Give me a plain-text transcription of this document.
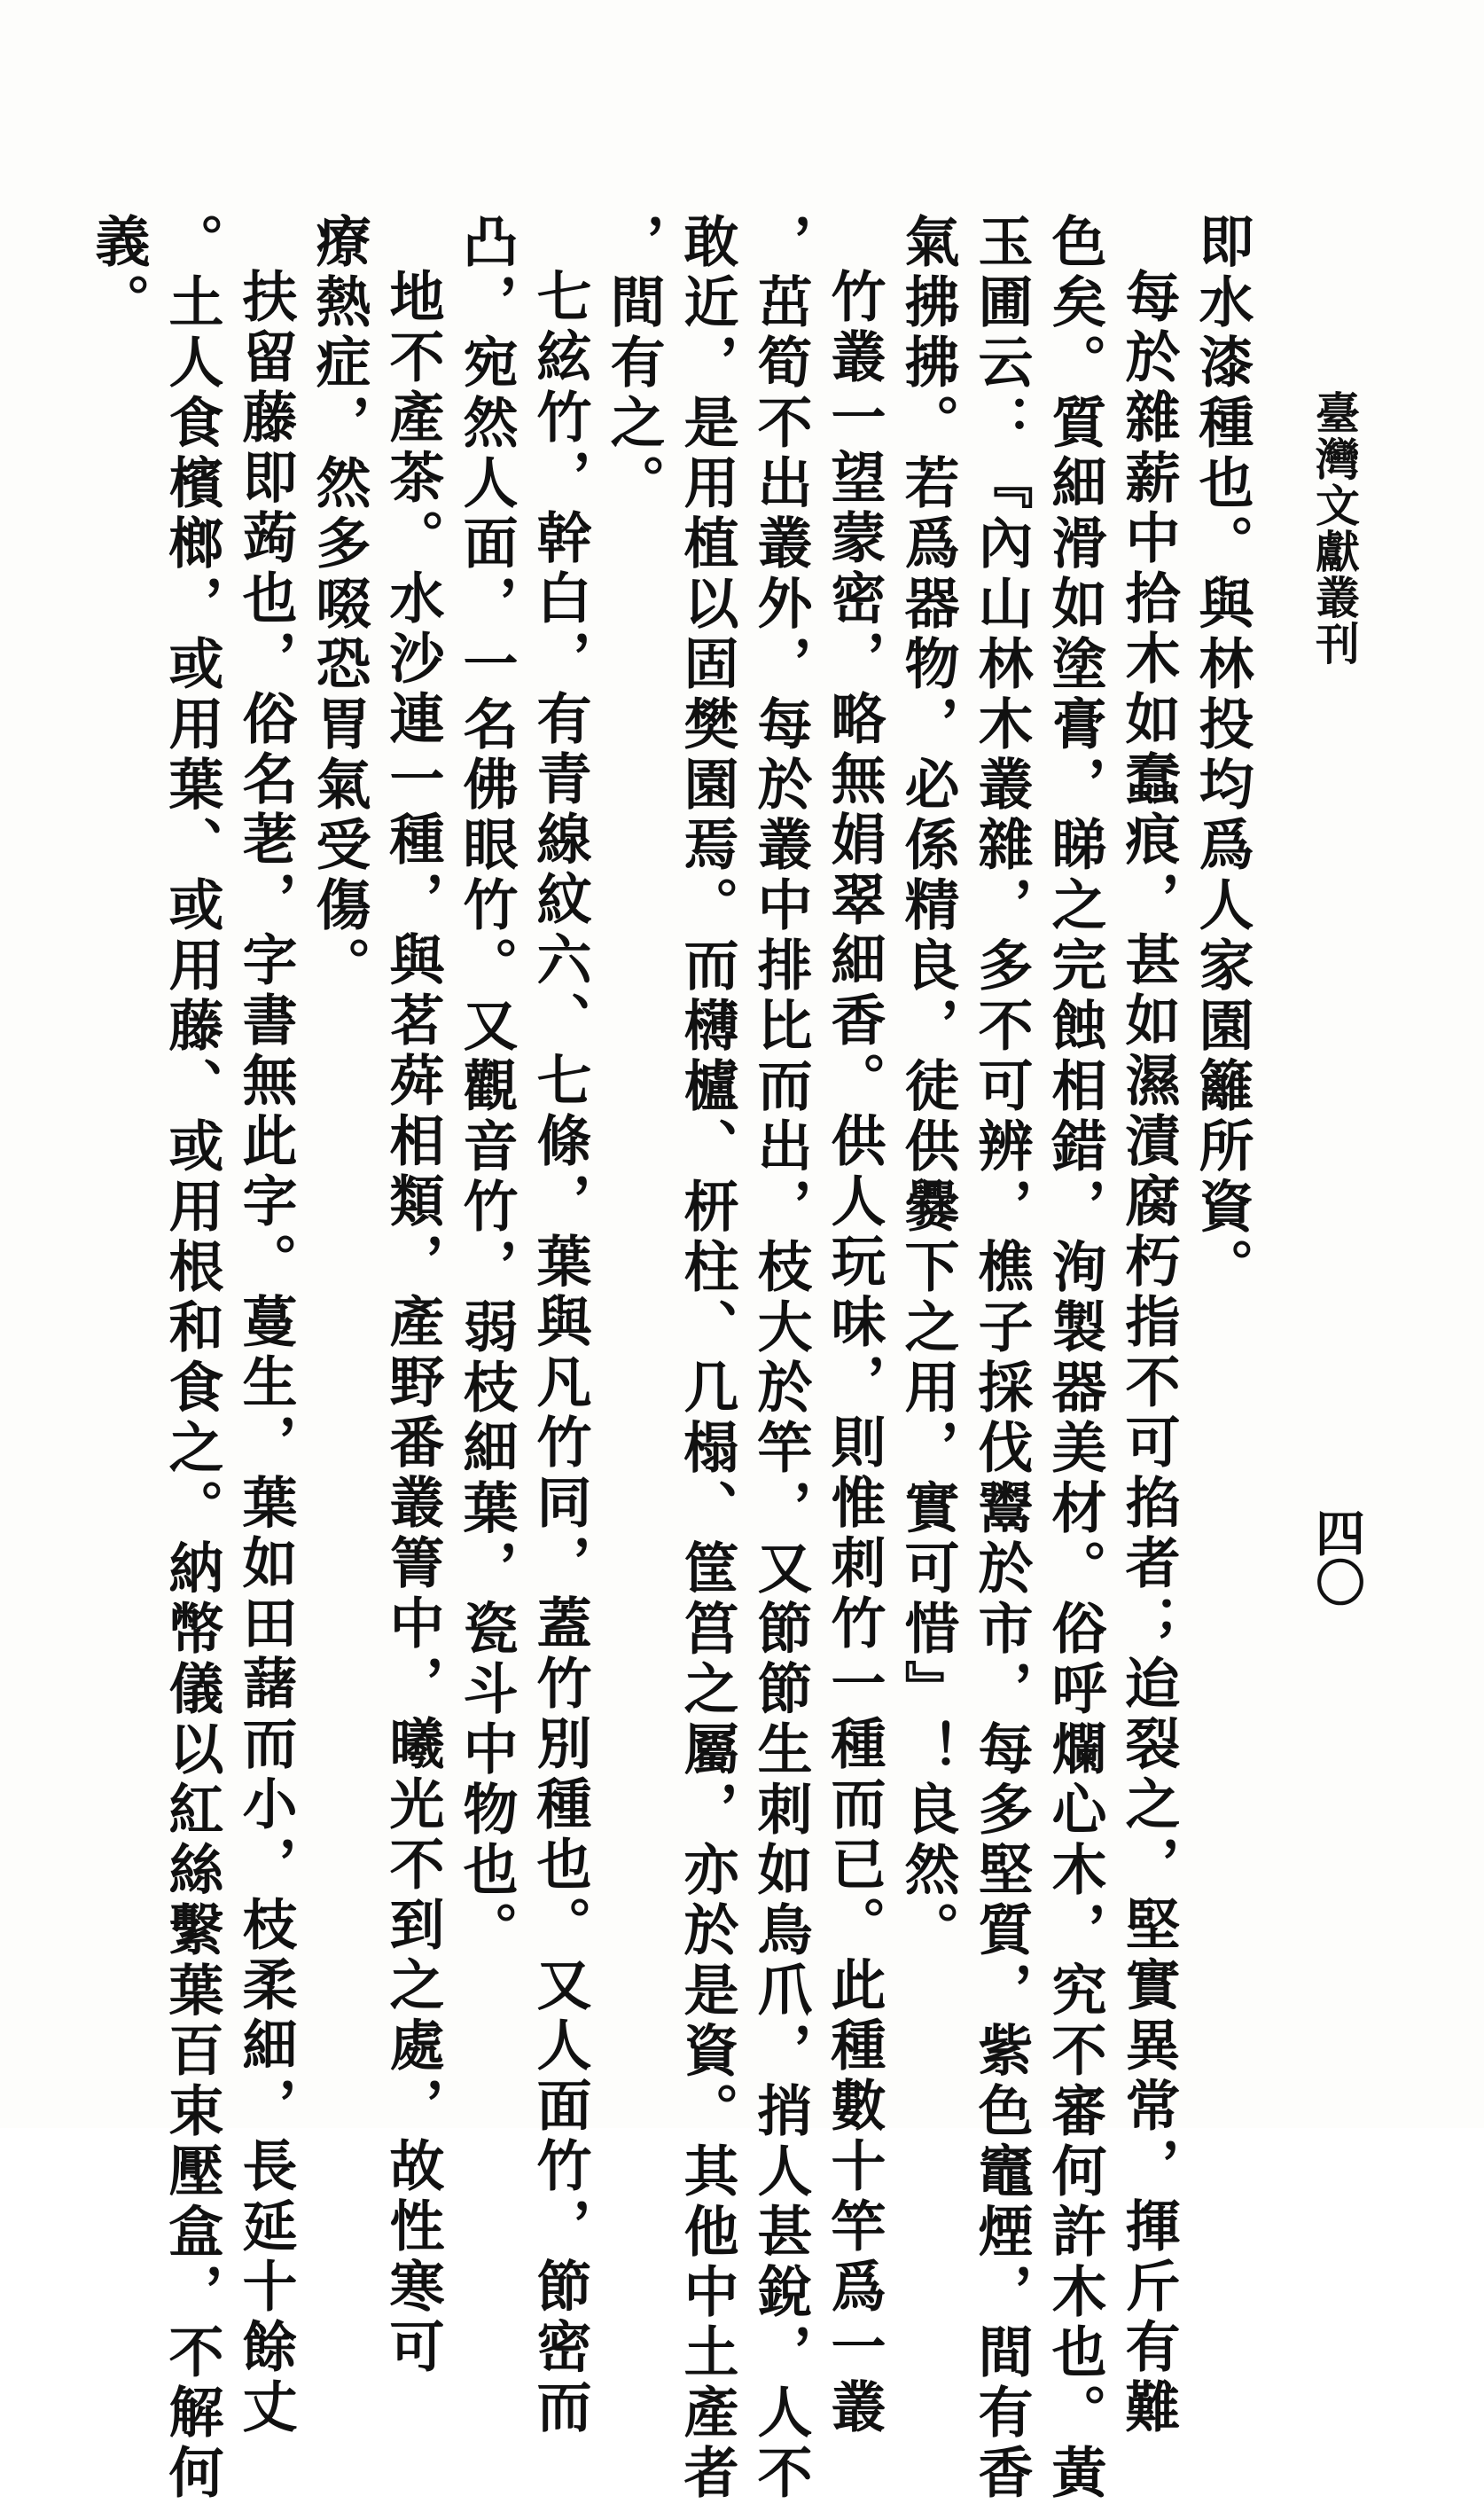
臺灣文獻叢刊
四〇
即水漆種也。與林投均爲人家園籬所資。
每於雜薪中拾木如蠢痕，甚如濕漬腐朽指不可掐者；迨裂之，堅實異常，揮斤有難
色矣。質細滑如塗膏，睇之完蝕相錯，洵製器美材。俗呼爛心木，究不審何許木也。黃
玉圃云：『內山林木叢雜，多不可辨，樵子採伐鬻於市，每多堅質，紫色竈煙，間有香
氣拂拂。若爲器物，必係精良，徒供爨下之用，實可惜』！良然。
竹叢一望蒙密，略無娟翠細香。供人玩味，則惟刺竹一種而已。此種數十竿爲一叢
，茁筍不出叢外，每於叢中排比而出，枝大於竿，又節節生刺如鳥爪，捎人甚銳，人不
敢近，是用植以固樊園焉。而欂櫨、枅柱、几榻、筐筥之屬，亦於是資。其他中土產者
，間有之。
七絃竹，幹白，有青線紋六、七條，葉與凡竹同，蓋竹別種也。又人面竹，節密而
凸，宛然人面，一名佛眼竹。又觀音竹，弱枝細葉，瓷斗中物也。
地不產茶。水沙連一種，與茗荈相類，產野番叢箐中，曦光不到之處，故性寒可
療熱症，然多啜恐胃氣受傷。
扶留藤即蒟也，俗名荖，字書無此字。蔓生，葉如田藷而小，枝柔細，長延十餘丈
。土人食檳榔，或用葉、或用藤、或用根和食之。納幣儀以紅絲繫葉百束壓盒，不解何
義。
